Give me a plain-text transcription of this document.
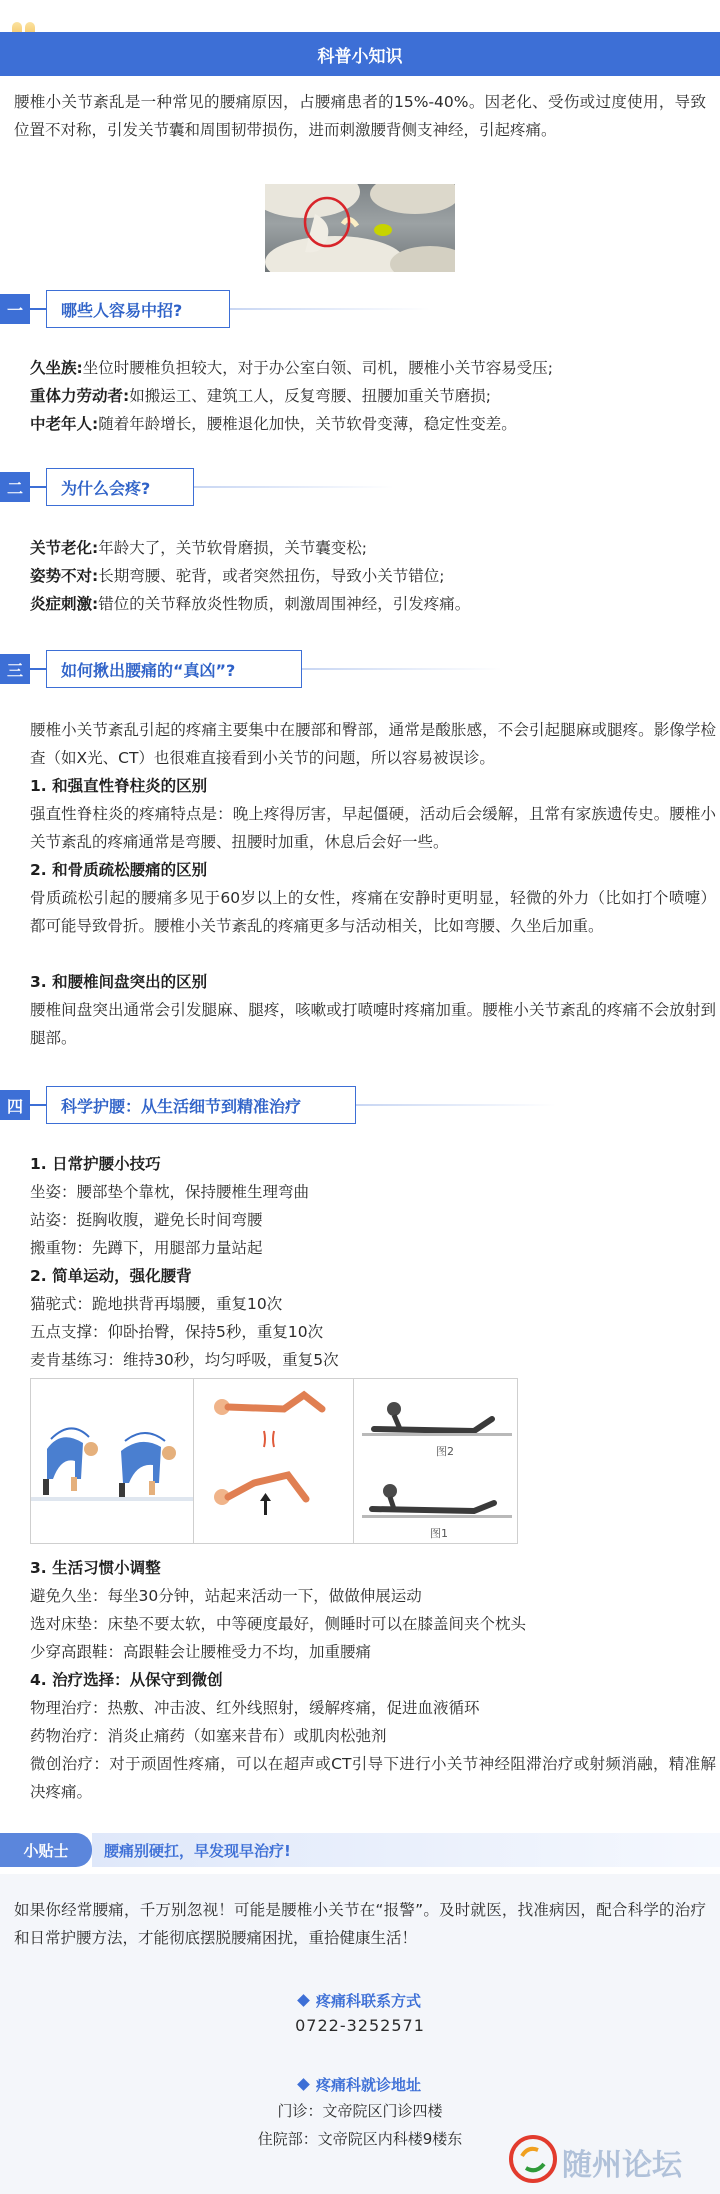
科普小知识
腰椎小关节紊乱是一种常见的腰痛原因，占腰痛患者的15%-40%。因老化、受伤或过度使用，导致位置不对称，引发关节囊和周围韧带损伤，进而刺激腰背侧支神经，引起疼痛。
一	哪些人容易中招?
久坐族:坐位时腰椎负担较大，对于办公室白领、司机，腰椎小关节容易受压;
重体力劳动者:如搬运工、建筑工人，反复弯腰、扭腰加重关节磨损;
中老年人:随着年龄增长，腰椎退化加快，关节软骨变薄，稳定性变差。
二	为什么会疼?
关节老化:年龄大了，关节软骨磨损，关节囊变松;
姿势不对:长期弯腰、驼背，或者突然扭伤，导致小关节错位;
炎症刺激:错位的关节释放炎性物质，刺激周围神经，引发疼痛。
三	如何揪出腰痛的“真凶”?
腰椎小关节紊乱引起的疼痛主要集中在腰部和臀部，通常是酸胀感，不会引起腿麻或腿疼。影像学检查（如X光、CT）也很难直接看到小关节的问题，所以容易被误诊。
1. 和强直性脊柱炎的区别
强直性脊柱炎的疼痛特点是：晚上疼得厉害，早起僵硬，活动后会缓解，且常有家族遗传史。腰椎小关节紊乱的疼痛通常是弯腰、扭腰时加重，休息后会好一些。
2. 和骨质疏松腰痛的区别
骨质疏松引起的腰痛多见于60岁以上的女性，疼痛在安静时更明显，轻微的外力（比如打个喷嚏）都可能导致骨折。腰椎小关节紊乱的疼痛更多与活动相关，比如弯腰、久坐后加重。
3. 和腰椎间盘突出的区别
腰椎间盘突出通常会引发腿麻、腿疼，咳嗽或打喷嚏时疼痛加重。腰椎小关节紊乱的疼痛不会放射到腿部。
四	科学护腰：从生活细节到精准治疗
1. 日常护腰小技巧
坐姿：腰部垫个靠枕，保持腰椎生理弯曲
站姿：挺胸收腹，避免长时间弯腰
搬重物：先蹲下，用腿部力量站起
2. 简单运动，强化腰背
猫驼式：跪地拱背再塌腰，重复10次
五点支撑：仰卧抬臀，保持5秒，重复10次
麦肯基练习：维持30秒，均匀呼吸，重复5次
图2
图1
3. 生活习惯小调整
避免久坐：每坐30分钟，站起来活动一下，做做伸展运动
选对床垫：床垫不要太软，中等硬度最好，侧睡时可以在膝盖间夹个枕头
少穿高跟鞋：高跟鞋会让腰椎受力不均，加重腰痛
4. 治疗选择：从保守到微创
物理治疗：热敷、冲击波、红外线照射，缓解疼痛，促进血液循环
药物治疗：消炎止痛药（如塞来昔布）或肌肉松弛剂
微创治疗：对于顽固性疼痛，可以在超声或CT引导下进行小关节神经阻滞治疗或射频消融，精准解决疼痛。
小贴士	腰痛别硬扛，早发现早治疗!
如果你经常腰痛，千万别忽视！可能是腰椎小关节在“报警”。及时就医，找准病因，配合科学的治疗和日常护腰方法，才能彻底摆脱腰痛困扰，重拾健康生活！
疼痛科联系方式
0722-3252571
疼痛科就诊地址
门诊：文帝院区门诊四楼
住院部：文帝院区内科楼9楼东
随州论坛
